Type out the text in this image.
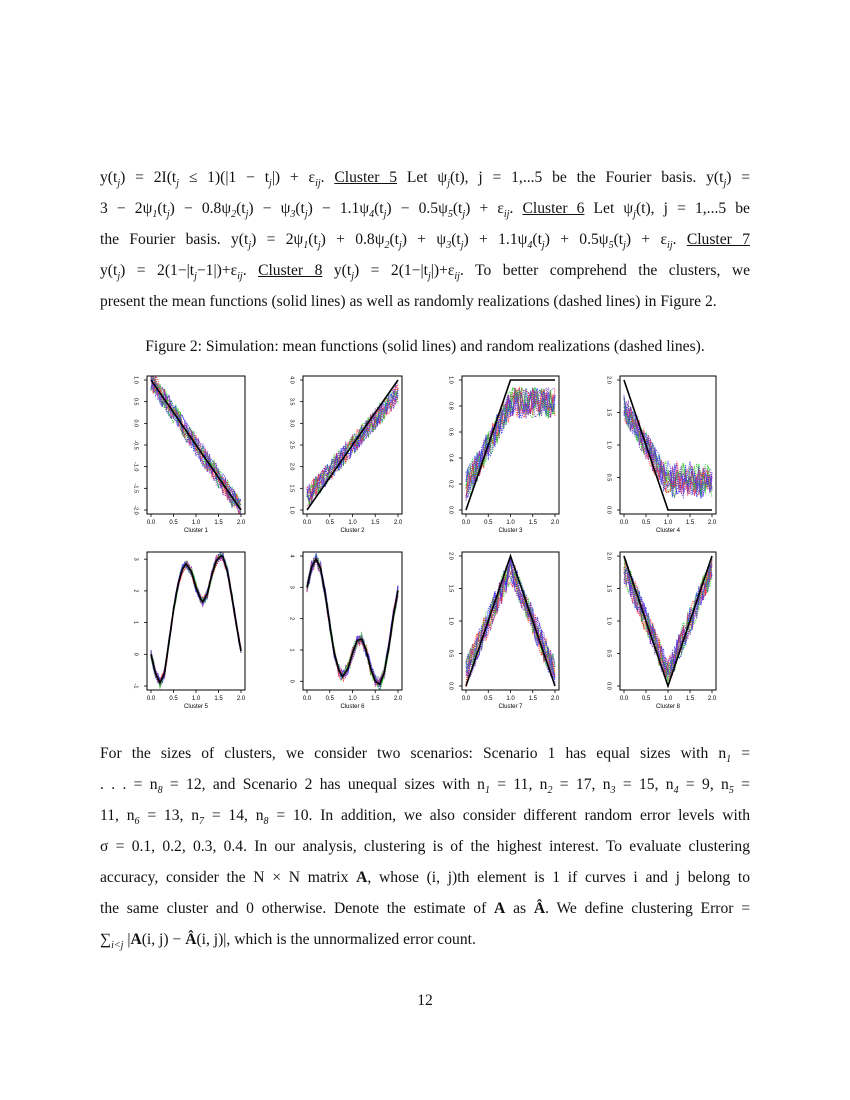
$y(t_j) = 2I(t_j \le 1)(|1 - t_j|) + \varepsilon_{ij}$. Cluster 5 Let $\psi_j(t)$, j = 1,...5 be the Fourier basis. $y(t_j)$ =
$3 - 2\psi_1(t_j) - 0.8\psi_2(t_j) - \psi_3(t_j) - 1.1\psi_4(t_j) - 0.5\psi_5(t_j) + \varepsilon_{ij}$. Cluster 6 Let $\psi_j(t)$, j = 1,...5 be
the Fourier basis. $y(t_j) = 2\psi_1(t_j) + 0.8\psi_2(t_j) + \psi_3(t_j) + 1.1\psi_4(t_j) + 0.5\psi_5(t_j) + \varepsilon_{ij}$. Cluster 7
$y(t_j) = 2(1-|t_j-1|)+\varepsilon_{ij}$. Cluster 8 $y(t_j) = 2(1-|t_j|)+\varepsilon_{ij}$. To better comprehend the clusters, we
present the mean functions (solid lines) as well as randomly realizations (dashed lines) in Figure 2.
Figure 2: Simulation: mean functions (solid lines) and random realizations (dashed lines).
0.0 0.5 1.0 1.5 2.0
-2.0
-1.5
-1.0
-0.5
0.0
0.5
1.0
Cluster 1
0.0 0.5 1.0 1.5 2.0
1.0
1.5
2.0
2.5
3.0
3.5
4.0
Cluster 2
0.0 0.5 1.0 1.5 2.0
0.0
0.2
0.4
0.6
0.8
1.0
Cluster 3
0.0 0.5 1.0 1.5 2.0
0.0
0.5
1.0
1.5
2.0
Cluster 4
0.0 0.5 1.0 1.5 2.0
-1
0
1
2
3
Cluster 5
0.0 0.5 1.0 1.5 2.0
0
1
2
3
4
Cluster 6
0.0 0.5 1.0 1.5 2.0
0.0
0.5
1.0
1.5
2.0
Cluster 7
0.0 0.5 1.0 1.5 2.0
0.0
0.5
1.0
1.5
2.0
Cluster 8
For the sizes of clusters, we consider two scenarios: Scenario 1 has equal sizes with $n_1$ =
. . . = $n_8 = 12$, and Scenario 2 has unequal sizes with $n_1 = 11$, $n_2 = 17$, $n_3 = 15$, $n_4 = 9$, $n_5$ =
11, $n_6 = 13$, $n_7 = 14$, $n_8 = 10$. In addition, we also consider different random error levels with
σ = 0.1, 0.2, 0.3, 0.4. In our analysis, clustering is of the highest interest. To evaluate clustering
accuracy, consider the N × N matrix A, whose (i, j)th element is 1 if curves i and j belong to
the same cluster and 0 otherwise. Denote the estimate of A as Â. We define clustering Error =
$\sum_{i<j}$ |A(i, j) − Â(i, j)|, which is the unnormalized error count.
12
